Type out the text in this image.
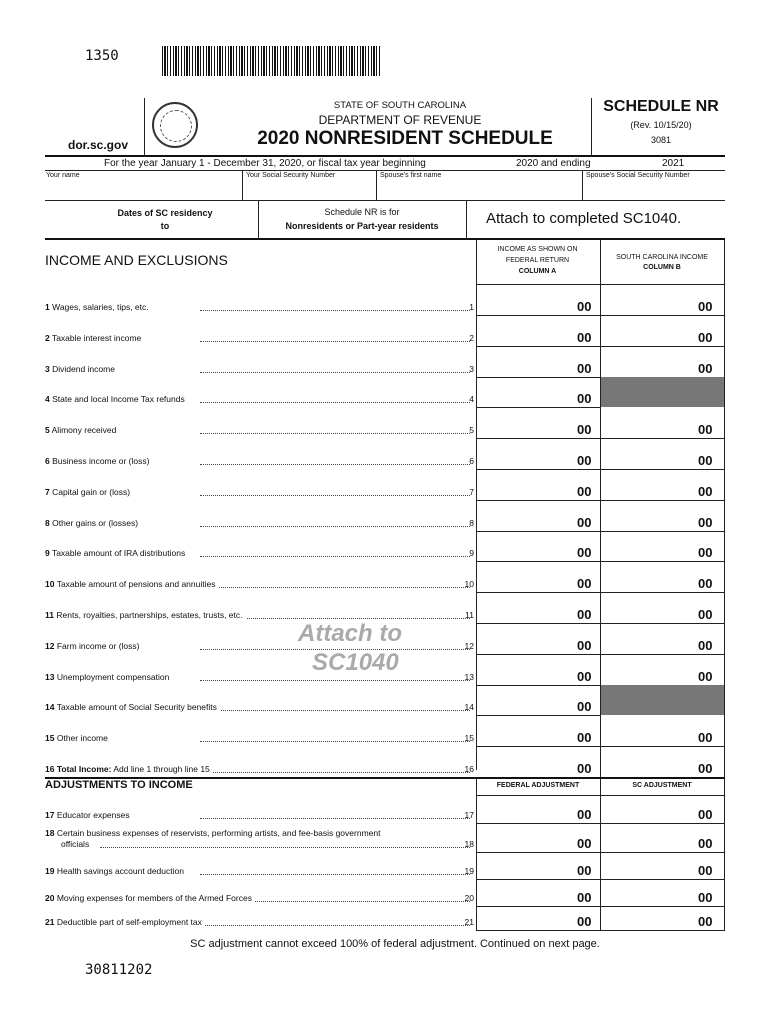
1350
dor.sc.gov
STATE OF SOUTH CAROLINA
DEPARTMENT OF REVENUE
2020 NONRESIDENT SCHEDULE
SCHEDULE NR
(Rev. 10/15/20)
3081
For the year January 1 - December 31, 2020, or fiscal tax year beginning	2020 and ending	2021
Your name	Your Social Security Number	Spouse's first name	Spouse's Social Security Number
Dates of SC residency
to
Schedule NR is for
Nonresidents or Part-year residents	Attach to completed SC1040.
INCOME AND EXCLUSIONS
INCOME AS SHOWN ON
FEDERAL RETURN
COLUMN A
SOUTH CAROLINA INCOME
COLUMN B
1 Wages, salaries, tips, etc.	1	00	00
2 Taxable interest income	2	00	00
3 Dividend income	3	00	00
4 State and local Income Tax refunds	4	00
5 Alimony received	5	00	00
6 Business income or (loss)	6	00	00
7 Capital gain or (loss)	7	00	00
8 Other gains or (losses)	8	00	00
9 Taxable amount of IRA distributions	9	00	00
10 Taxable amount of pensions and annuities	10	00	00
11 Rents, royalties, partnerships, estates, trusts, etc.	11	00	00
12 Farm income or (loss)	12	00	00
13 Unemployment compensation	13	00	00
14 Taxable amount of Social Security benefits	14	00
15 Other income	15	00	00
16 Total Income: Add line 1 through line 15	16	00	00
Attach to
SC1040
ADJUSTMENTS TO INCOME	FEDERAL ADJUSTMENT	SC ADJUSTMENT
17 Educator expenses	17	00	00
18 Certain business expenses of reservists, performing artists, and fee-basis government
officials	18	00	00
19 Health savings account deduction	19	00	00
20 Moving expenses for members of the Armed Forces	20	00	00
21 Deductible part of self-employment tax	21	00	00
SC adjustment cannot exceed 100% of federal adjustment. Continued on next page.
30811202
